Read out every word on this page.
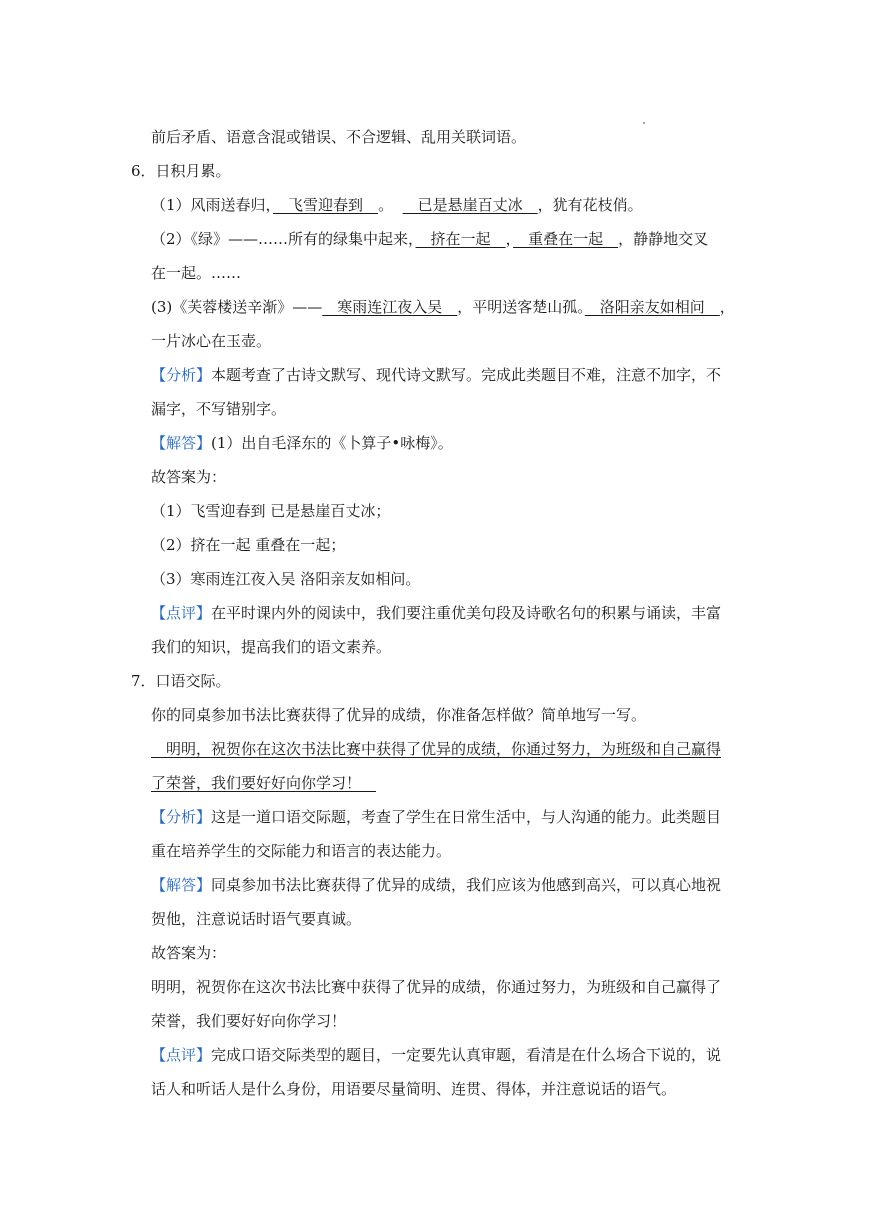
前后矛盾、语意含混或错误、不合逻辑、乱用关联词语。
6．日积月累。
（1）风雨送春归，　飞雪迎春到　。  　已是悬崖百丈冰　，犹有花枝俏。
（2）《绿》——……所有的绿集中起来，　挤在一起　，　重叠在一起　，静静地交叉
在一起。……
(3)《芙蓉楼送辛渐》——　寒雨连江夜入吴　，平明送客楚山孤。　洛阳亲友如相问　，
一片冰心在玉壶。
【分析】本题考查了古诗文默写、现代诗文默写。完成此类题目不难，注意不加字，不
漏字，不写错别字。
【解答】(1）出自毛泽东的《卜算子•咏梅》。
故答案为：
（1）飞雪迎春到 已是悬崖百丈冰；
（2）挤在一起 重叠在一起；
（3）寒雨连江夜入吴 洛阳亲友如相问。
【点评】在平时课内外的阅读中，我们要注重优美句段及诗歌名句的积累与诵读，丰富
我们的知识，提高我们的语文素养。
7．口语交际。
你的同桌参加书法比赛获得了优异的成绩，你准备怎样做？简单地写一写。
　明明，祝贺你在这次书法比赛中获得了优异的成绩，你通过努力，为班级和自己赢得
了荣誉，我们要好好向你学习！　
【分析】这是一道口语交际题，考查了学生在日常生活中，与人沟通的能力。此类题目
重在培养学生的交际能力和语言的表达能力。
【解答】同桌参加书法比赛获得了优异的成绩，我们应该为他感到高兴，可以真心地祝
贺他，注意说话时语气要真诚。
故答案为：
明明，祝贺你在这次书法比赛中获得了优异的成绩，你通过努力，为班级和自己赢得了
荣誉，我们要好好向你学习！
【点评】完成口语交际类型的题目，一定要先认真审题，看清是在什么场合下说的，说
话人和听话人是什么身份，用语要尽量简明、连贯、得体，并注意说话的语气。
